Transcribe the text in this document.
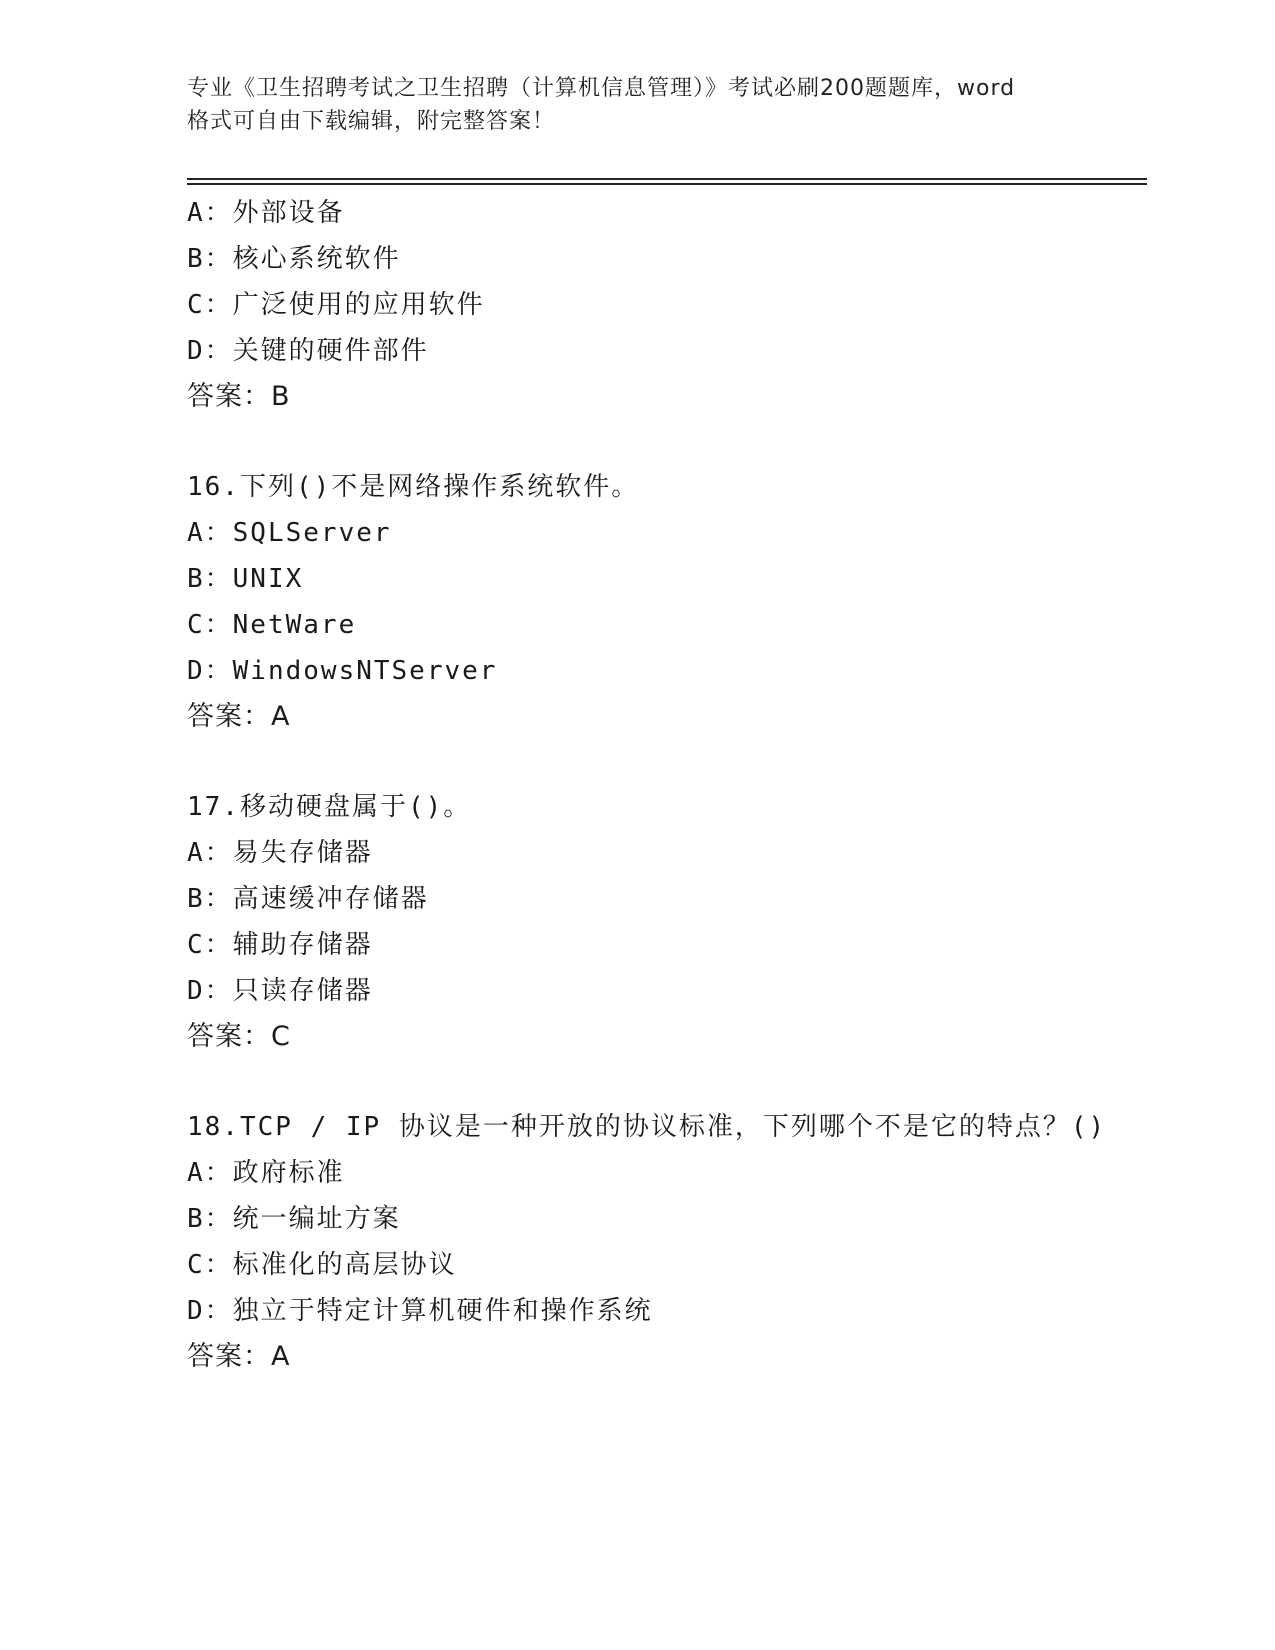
专业《卫生招聘考试之卫生招聘（计算机信息管理）》考试必刷200题题库，word
格式可自由下载编辑，附完整答案！
A：外部设备
B：核心系统软件
C：广泛使用的应用软件
D：关键的硬件部件
答案：B
16.下列()不是网络操作系统软件。
A：SQLServer
B：UNIX
C：NetWare
D：WindowsNTServer
答案：A
17.移动硬盘属于()。
A：易失存储器
B：高速缓冲存储器
C：辅助存储器
D：只读存储器
答案：C
18.TCP / IP 协议是一种开放的协议标准，下列哪个不是它的特点？()
A：政府标准
B：统一编址方案
C：标准化的高层协议
D：独立于特定计算机硬件和操作系统
答案：A
